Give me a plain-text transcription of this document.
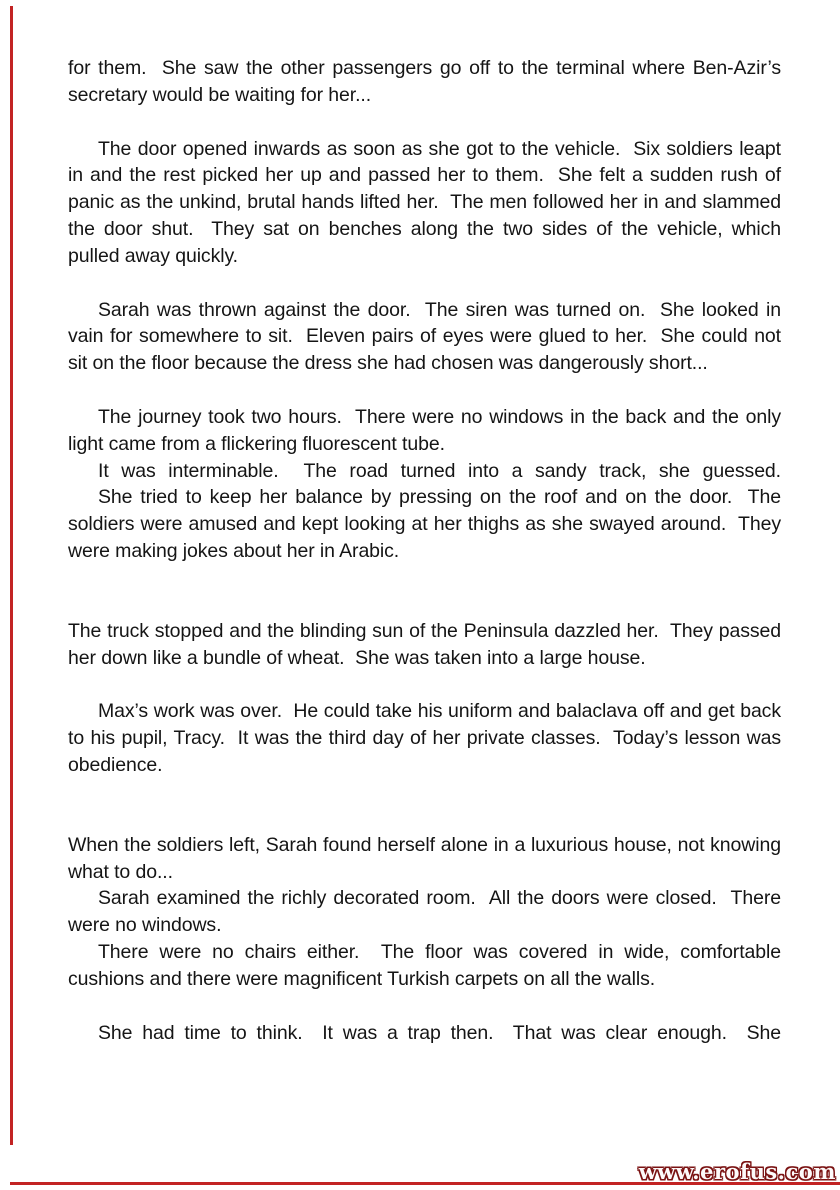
for them.  She saw the other passengers go off to the terminal where Ben-Azir’s secretary would be waiting for her...

The door opened inwards as soon as she got to the vehicle.  Six soldiers leapt in and the rest picked her up and passed her to them.  She felt a sudden rush of panic as the unkind, brutal hands lifted her.  The men followed her in and slammed the door shut.  They sat on benches along the two sides of the vehicle, which pulled away quickly.

Sarah was thrown against the door.  The siren was turned on.  She looked in vain for somewhere to sit.  Eleven pairs of eyes were glued to her.  She could not sit on the floor because the dress she had chosen was dangerously short...

The journey took two hours.  There were no windows in the back and the only light came from a flickering fluorescent tube.

It was interminable.  The road turned into a sandy track, she guessed.

She tried to keep her balance by pressing on the roof and on the door.  The soldiers were amused and kept looking at her thighs as she swayed around.  They were making jokes about her in Arabic.

The truck stopped and the blinding sun of the Peninsula dazzled her.  They passed her down like a bundle of wheat.  She was taken into a large house.

Max’s work was over.  He could take his uniform and balaclava off and get back to his pupil, Tracy.  It was the third day of her private classes.  Today’s lesson was obedience.

When the soldiers left, Sarah found herself alone in a luxurious house, not knowing what to do...

Sarah examined the richly decorated room.  All the doors were closed.  There were no windows.

There were no chairs either.  The floor was covered in wide, comfortable cushions and there were magnificent Turkish carpets on all the walls.

She had time to think.  It was a trap then.  That was clear enough.  She

www.erofus.com
